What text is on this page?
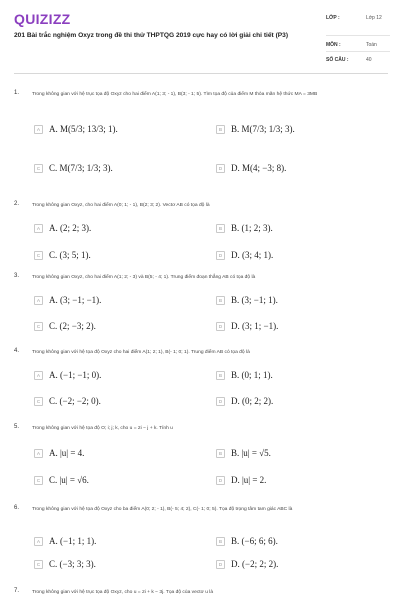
QUIZIZZ
201 Bài trắc nghiệm Oxyz trong đề thi thử THPTQG 2019 cực hay có lời giải chi tiết (P3)
LỚP :	Lớp 12
MÔN :	Toán
SỐ CÂU :	40
1.	Trong không gian với hệ trục tọa độ Oxyz cho hai điểm A(1; 3; - 1), B(3; - 1; 5). Tìm tọa độ của điểm M thỏa mãn hệ thức MA = 3MB
A	A. M(5/3; 13/3; 1).	B	B. M(7/3; 1/3; 3).
C C. M(7/3; 1/3; 3).	D D. M(4; −3; 8).
2.	Trong không gian Oxyz, cho hai điểm A(0; 1; - 1), B(2; 3; 2). Vectơ AB có tọa độ là
A	A. (2; 2; 3).	B	B. (1; 2; 3).
C C. (3; 5; 1).	D D. (3; 4; 1).
3.	Trong không gian Oxyz, cho hai điểm A(1; 2; - 3) và B(5; - 4; 1). Trung điểm đoạn thẳng AB có tọa độ là
A	A. (3; −1; −1).	B	B. (3; −1; 1).
C C. (2; −3; 2).	D D. (3; 1; −1).
4.	Trong không gian với hệ tọa độ Oxyz cho hai điểm A(1; 2; 1), B(- 1; 0; 1). Trung điểm AB có tọa độ là
A	A. (−1; −1; 0).	B	B. (0; 1; 1).
C C. (−2; −2; 0).	D D. (0; 2; 2).
5.	Trong không gian với hệ tọa độ O; i; j; k, cho u = 2i − j + k. Tính u
A	A. |u| = 4.	B	B. |u| = √5.
C C. |u| = √6.	D D. |u| = 2.
6.	Trong không gian với hệ tọa độ Oxyz cho ba điểm A(0; 2; - 1), B(- 5; 4; 2), C(- 1; 0; 5). Tọa độ trọng tâm tam giác ABC là
A	A. (−1; 1; 1).	B	B. (−6; 6; 6).
C C. (−3; 3; 3).	D D. (−2; 2; 2).
7.	Trong không gian với hệ trục tọa độ Oxyz, cho u = 2i + k − 3j. Tọa độ của vectơ u là
